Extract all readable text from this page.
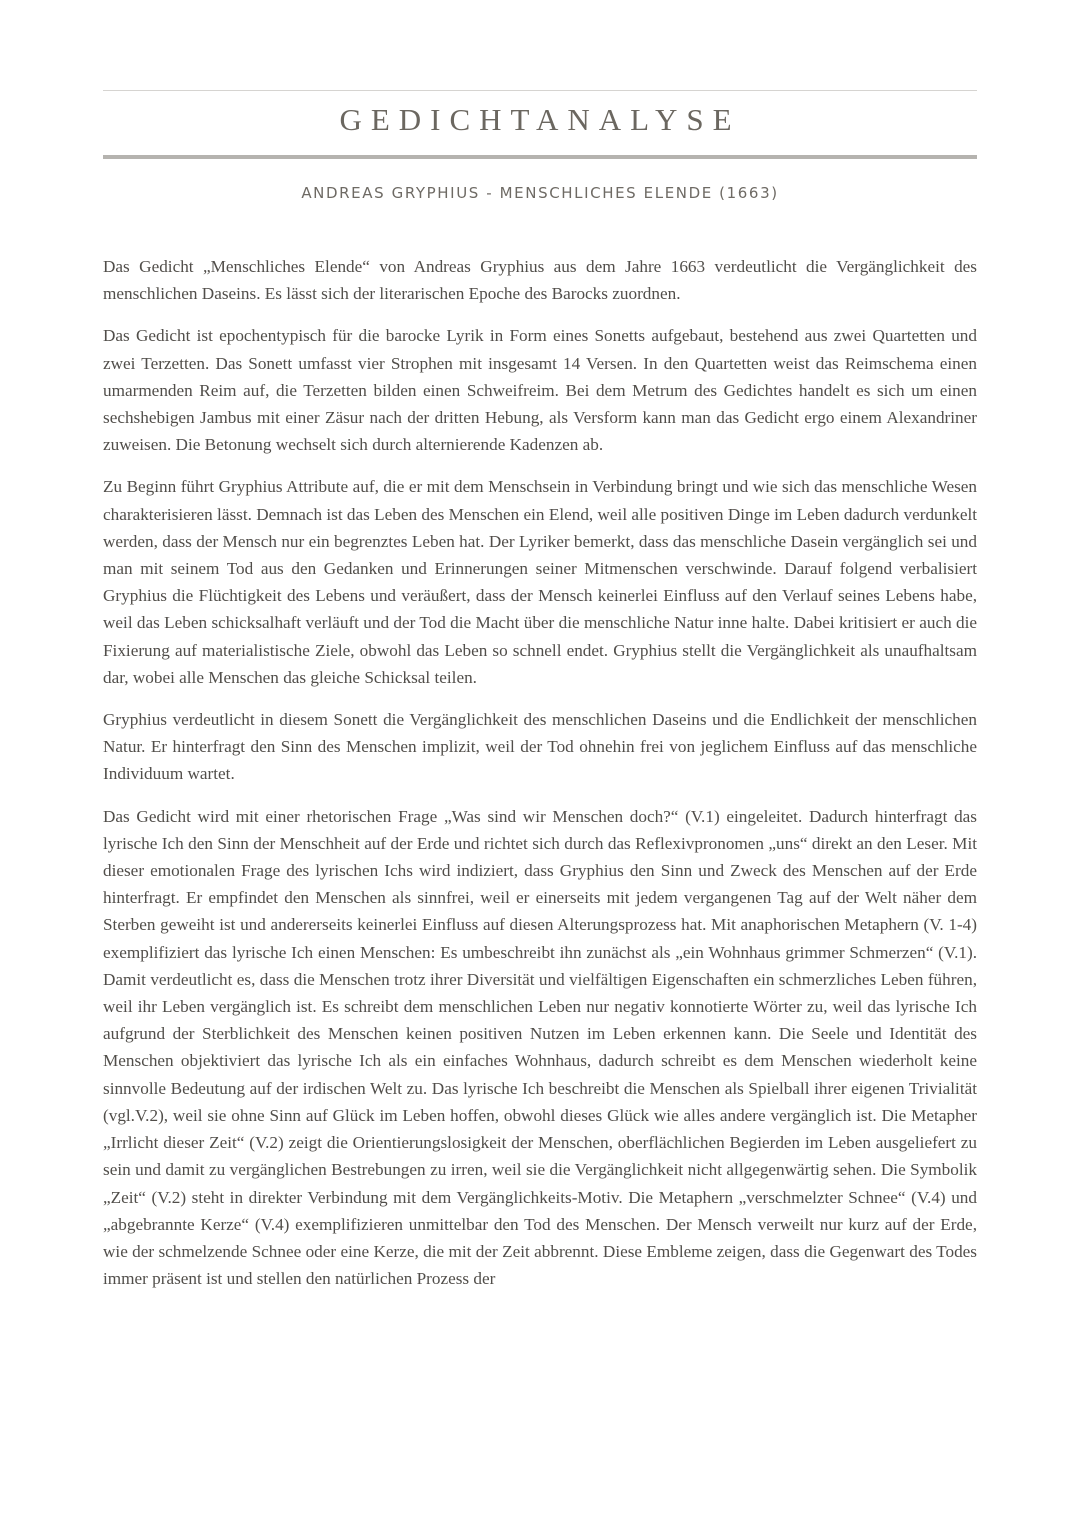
GEDICHTANALYSE
ANDREAS GRYPHIUS - MENSCHLICHES ELENDE (1663)

Das Gedicht „Menschliches Elende“ von Andreas Gryphius aus dem Jahre 1663 verdeutlicht die Vergänglichkeit des menschlichen Daseins. Es lässt sich der literarischen Epoche des Barocks zuordnen.

Das Gedicht ist epochentypisch für die barocke Lyrik in Form eines Sonetts aufgebaut, bestehend aus zwei Quartetten und zwei Terzetten. Das Sonett umfasst vier Strophen mit insgesamt 14 Versen. In den Quartetten weist das Reimschema einen umarmenden Reim auf, die Terzetten bilden einen Schweifreim. Bei dem Metrum des Gedichtes handelt es sich um einen sechshebigen Jambus mit einer Zäsur nach der dritten Hebung, als Versform kann man das Gedicht ergo einem Alexandriner zuweisen. Die Betonung wechselt sich durch alternierende Kadenzen ab.

Zu Beginn führt Gryphius Attribute auf, die er mit dem Menschsein in Verbindung bringt und wie sich das menschliche Wesen charakterisieren lässt. Demnach ist das Leben des Menschen ein Elend, weil alle positiven Dinge im Leben dadurch verdunkelt werden, dass der Mensch nur ein begrenztes Leben hat. Der Lyriker bemerkt, dass das menschliche Dasein vergänglich sei und man mit seinem Tod aus den Gedanken und Erinnerungen seiner Mitmenschen verschwinde. Darauf folgend verbalisiert Gryphius die Flüchtigkeit des Lebens und veräußert, dass der Mensch keinerlei Einfluss auf den Verlauf seines Lebens habe, weil das Leben schicksalhaft verläuft und der Tod die Macht über die menschliche Natur inne halte. Dabei kritisiert er auch die Fixierung auf materialistische Ziele, obwohl das Leben so schnell endet. Gryphius stellt die Vergänglichkeit als unaufhaltsam dar, wobei alle Menschen das gleiche Schicksal teilen.

Gryphius verdeutlicht in diesem Sonett die Vergänglichkeit des menschlichen Daseins und die Endlichkeit der menschlichen Natur. Er hinterfragt den Sinn des Menschen implizit, weil der Tod ohnehin frei von jeglichem Einfluss auf das menschliche Individuum wartet.

Das Gedicht wird mit einer rhetorischen Frage „Was sind wir Menschen doch?“ (V.1) eingeleitet. Dadurch hinterfragt das lyrische Ich den Sinn der Menschheit auf der Erde und richtet sich durch das Reflexivpronomen „uns“ direkt an den Leser. Mit dieser emotionalen Frage des lyrischen Ichs wird indiziert, dass Gryphius den Sinn und Zweck des Menschen auf der Erde hinterfragt. Er empfindet den Menschen als sinnfrei, weil er einerseits mit jedem vergangenen Tag auf der Welt näher dem Sterben geweiht ist und andererseits keinerlei Einfluss auf diesen Alterungsprozess hat. Mit anaphorischen Metaphern (V. 1-4) exemplifiziert das lyrische Ich einen Menschen: Es umbeschreibt ihn zunächst als „ein Wohnhaus grimmer Schmerzen“ (V.1). Damit verdeutlicht es, dass die Menschen trotz ihrer Diversität und vielfältigen Eigenschaften ein schmerzliches Leben führen, weil ihr Leben vergänglich ist. Es schreibt dem menschlichen Leben nur negativ konnotierte Wörter zu, weil das lyrische Ich aufgrund der Sterblichkeit des Menschen keinen positiven Nutzen im Leben erkennen kann. Die Seele und Identität des Menschen objektiviert das lyrische Ich als ein einfaches Wohnhaus, dadurch schreibt es dem Menschen wiederholt keine sinnvolle Bedeutung auf der irdischen Welt zu. Das lyrische Ich beschreibt die Menschen als Spielball ihrer eigenen Trivialität (vgl.V.2), weil sie ohne Sinn auf Glück im Leben hoffen, obwohl dieses Glück wie alles andere vergänglich ist. Die Metapher „Irrlicht dieser Zeit“ (V.2) zeigt die Orientierungslosigkeit der Menschen, oberflächlichen Begierden im Leben ausgeliefert zu sein und damit zu vergänglichen Bestrebungen zu irren, weil sie die Vergänglichkeit nicht allgegenwärtig sehen. Die Symbolik „Zeit“ (V.2) steht in direkter Verbindung mit dem Vergänglichkeits-Motiv. Die Metaphern „verschmelzter Schnee“ (V.4) und „abgebrannte Kerze“ (V.4) exemplifizieren unmittelbar den Tod des Menschen. Der Mensch verweilt nur kurz auf der Erde, wie der schmelzende Schnee oder eine Kerze, die mit der Zeit abbrennt. Diese Embleme zeigen, dass die Gegenwart des Todes immer präsent ist und stellen den natürlichen Prozess der
